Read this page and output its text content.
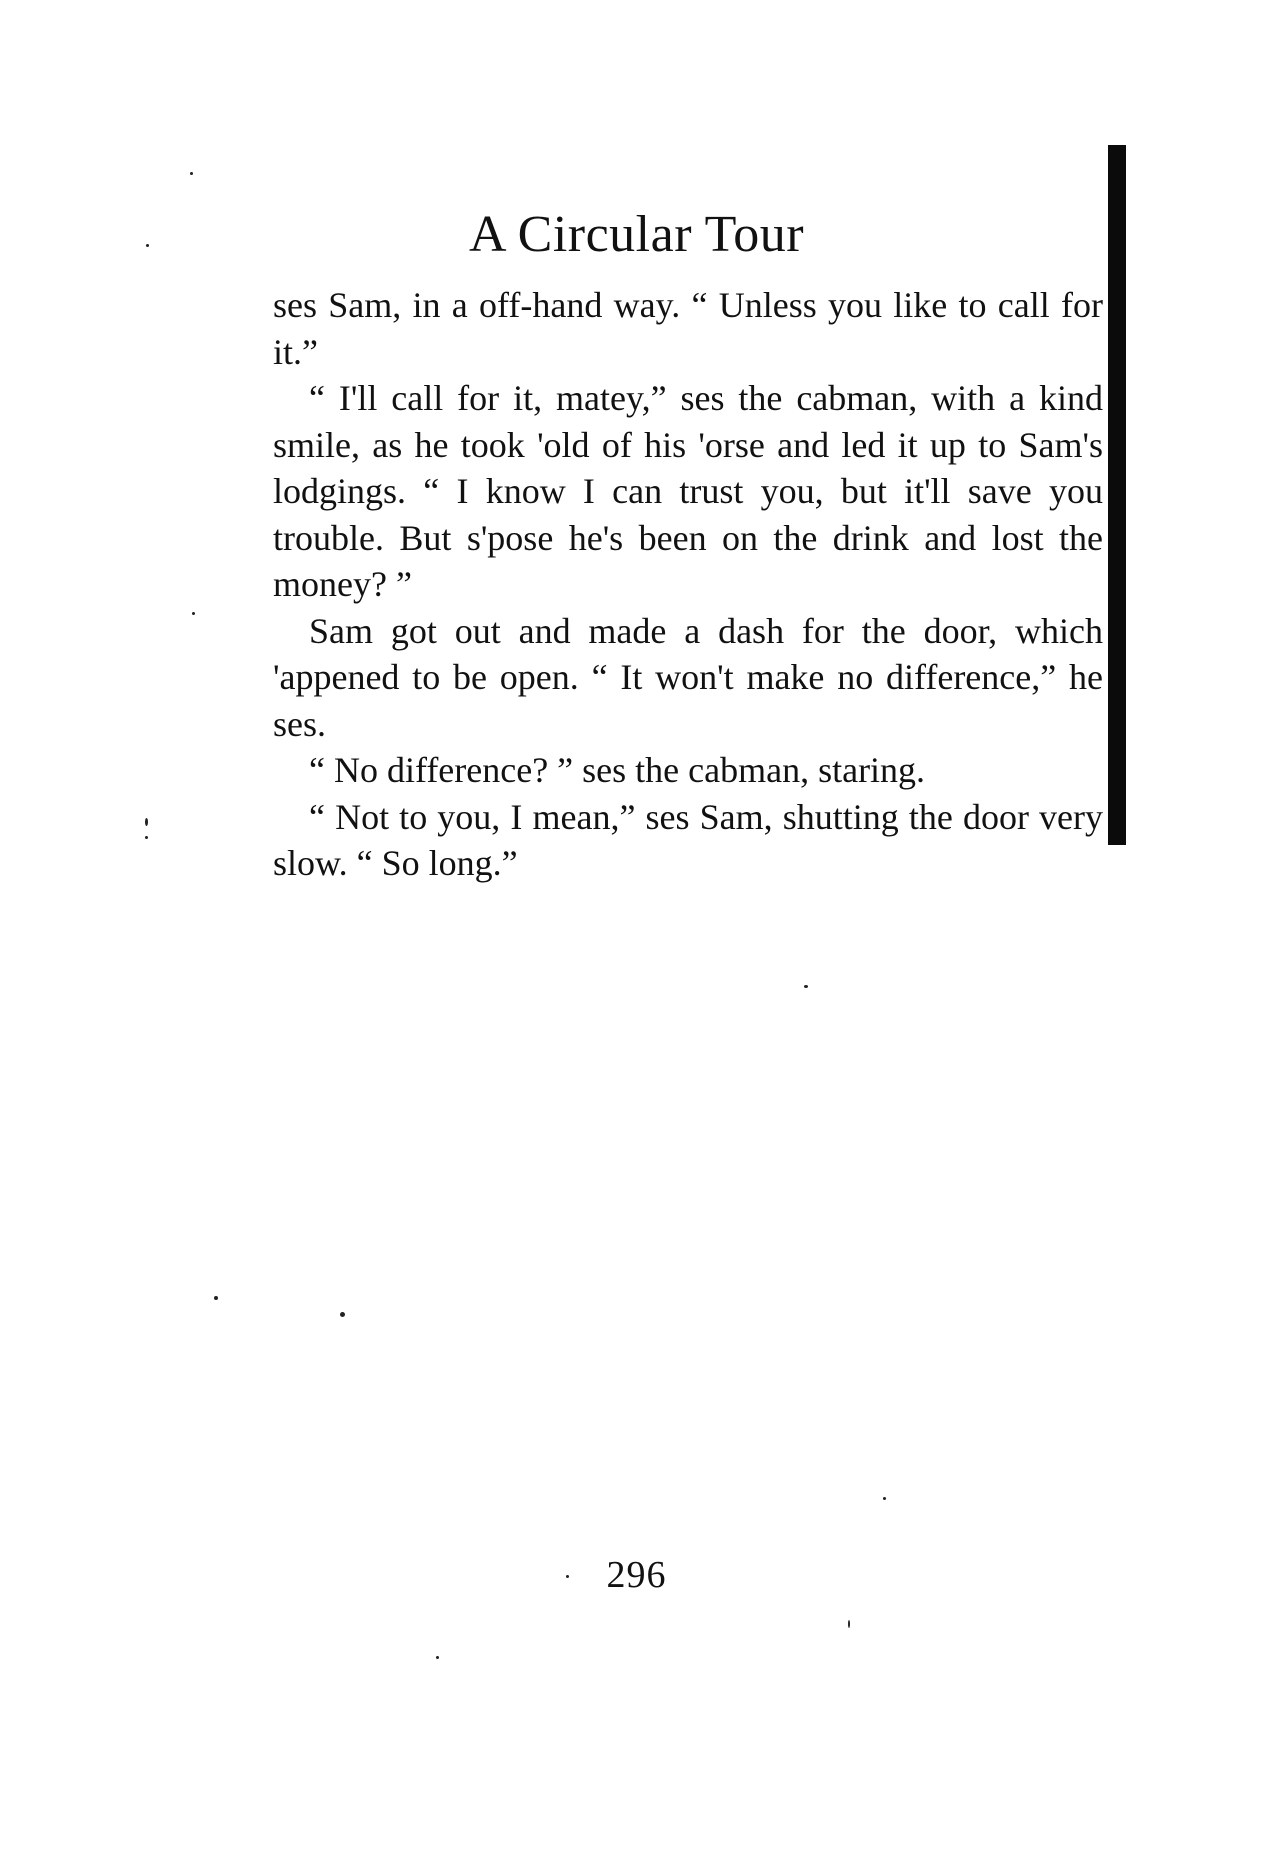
A Circular Tour

ses Sam, in a off-hand way. “ Unless you like to call for it.”

“ I'll call for it, matey,” ses the cabman, with a kind smile, as he took 'old of his 'orse and led it up to Sam's lodgings. “ I know I can trust you, but it'll save you trouble. But s'pose he's been on the drink and lost the money? ”

Sam got out and made a dash for the door, which 'appened to be open. “ It won't make no difference,” he ses.

“ No difference? ” ses the cabman, staring.

“ Not to you, I mean,” ses Sam, shutting the door very slow. “ So long.”

296
